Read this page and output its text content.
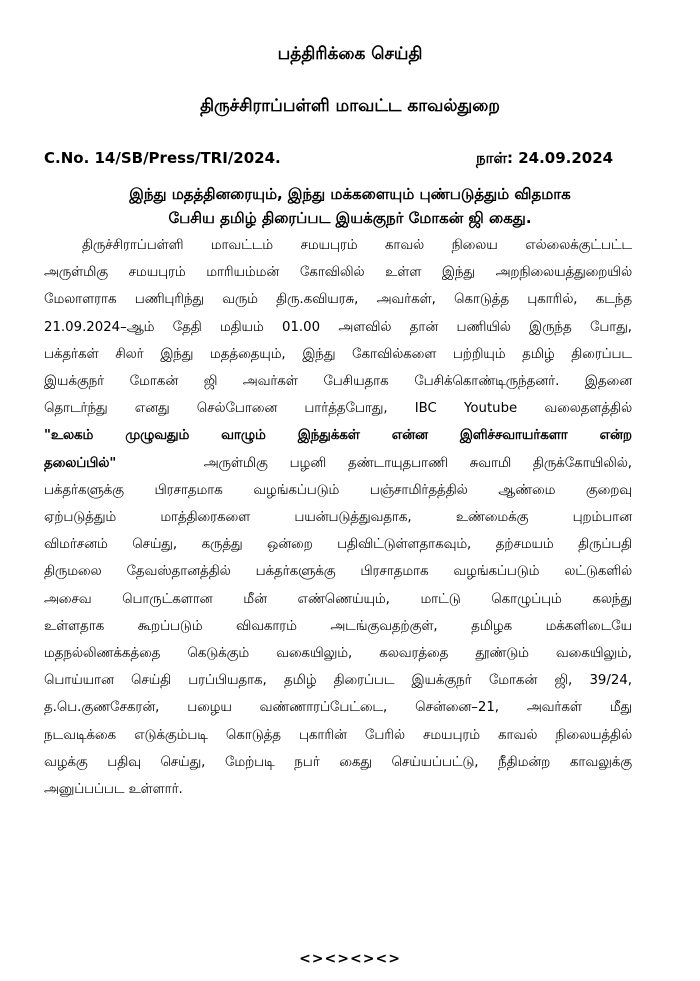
பத்திரிக்கை செய்தி
திருச்சிராப்பள்ளி மாவட்ட காவல்துறை
C.No. 14/SB/Press/TRI/2024.	நாள்: 24.09.2024
இந்து மதத்தினரையும், இந்து மக்களையும் புண்படுத்தும் விதமாக
பேசிய தமிழ் திரைப்பட இயக்குநர் மோகன் ஜி கைது.
திருச்சிராப்பள்ளி மாவட்டம் சமயபுரம் காவல் நிலைய எல்லைக்குட்பட்ட
அருள்மிகு சமயபுரம் மாரியம்மன் கோவிலில் உள்ள இந்து அறநிலையத்துறையில்
மேலாளராக பணிபுரிந்து வரும் திரு.கவியரசு, அவர்கள், கொடுத்த புகாரில், கடந்த
21.09.2024–ஆம் தேதி மதியம் 01.00 அளவில் தான் பணியில் இருந்த போது,
பக்தர்கள் சிலர் இந்து மதத்தையும், இந்து கோவில்களை பற்றியும் தமிழ் திரைப்பட
இயக்குநர் மோகன் ஜி அவர்கள் பேசியதாக பேசிக்கொண்டிருந்தனர். இதனை
தொடர்ந்து எனது செல்போனை பார்த்தபோது, IBC Youtube வலைதளத்தில்
"உலகம் முழுவதும் வாழும் இந்துக்கள் என்ன இளிச்சவாயர்களா என்ற
தலைப்பில்"	அருள்மிகு பழனி தண்டாயுதபாணி சுவாமி திருக்கோயிலில்,
பக்தர்களுக்கு பிரசாதமாக வழங்கப்படும் பஞ்சாமிர்தத்தில் ஆண்மை குறைவு
ஏற்படுத்தும் மாத்திரைகளை பயன்படுத்துவதாக, உண்மைக்கு புறம்பான
விமர்சனம் செய்து, கருத்து ஒன்றை பதிவிட்டுள்ளதாகவும், தற்சமயம் திருப்பதி
திருமலை தேவஸ்தானத்தில் பக்தர்களுக்கு பிரசாதமாக வழங்கப்படும் லட்டுகளில்
அசைவ பொருட்களான மீன் எண்ணெய்யும், மாட்டு கொழுப்பும் கலந்து
உள்ளதாக கூறப்படும் விவகாரம் அடங்குவதற்குள், தமிழக மக்களிடையே
மதநல்லிணக்கத்தை கெடுக்கும் வகையிலும், கலவரத்தை தூண்டும் வகையிலும்,
பொய்யான செய்தி பரப்பியதாக, தமிழ் திரைப்பட இயக்குநர் மோகன் ஜி, 39/24,
த.பெ.குணசேகரன், பழைய வண்ணாரப்பேட்டை, சென்னை–21, அவர்கள் மீது
நடவடிக்கை எடுக்கும்படி கொடுத்த புகாரின் பேரில் சமயபுரம் காவல் நிலையத்தில்
வழக்கு பதிவு செய்து, மேற்படி நபர் கைது செய்யப்பட்டு, நீதிமன்ற காவலுக்கு
அனுப்பப்பட உள்ளார்.
<><><><>
